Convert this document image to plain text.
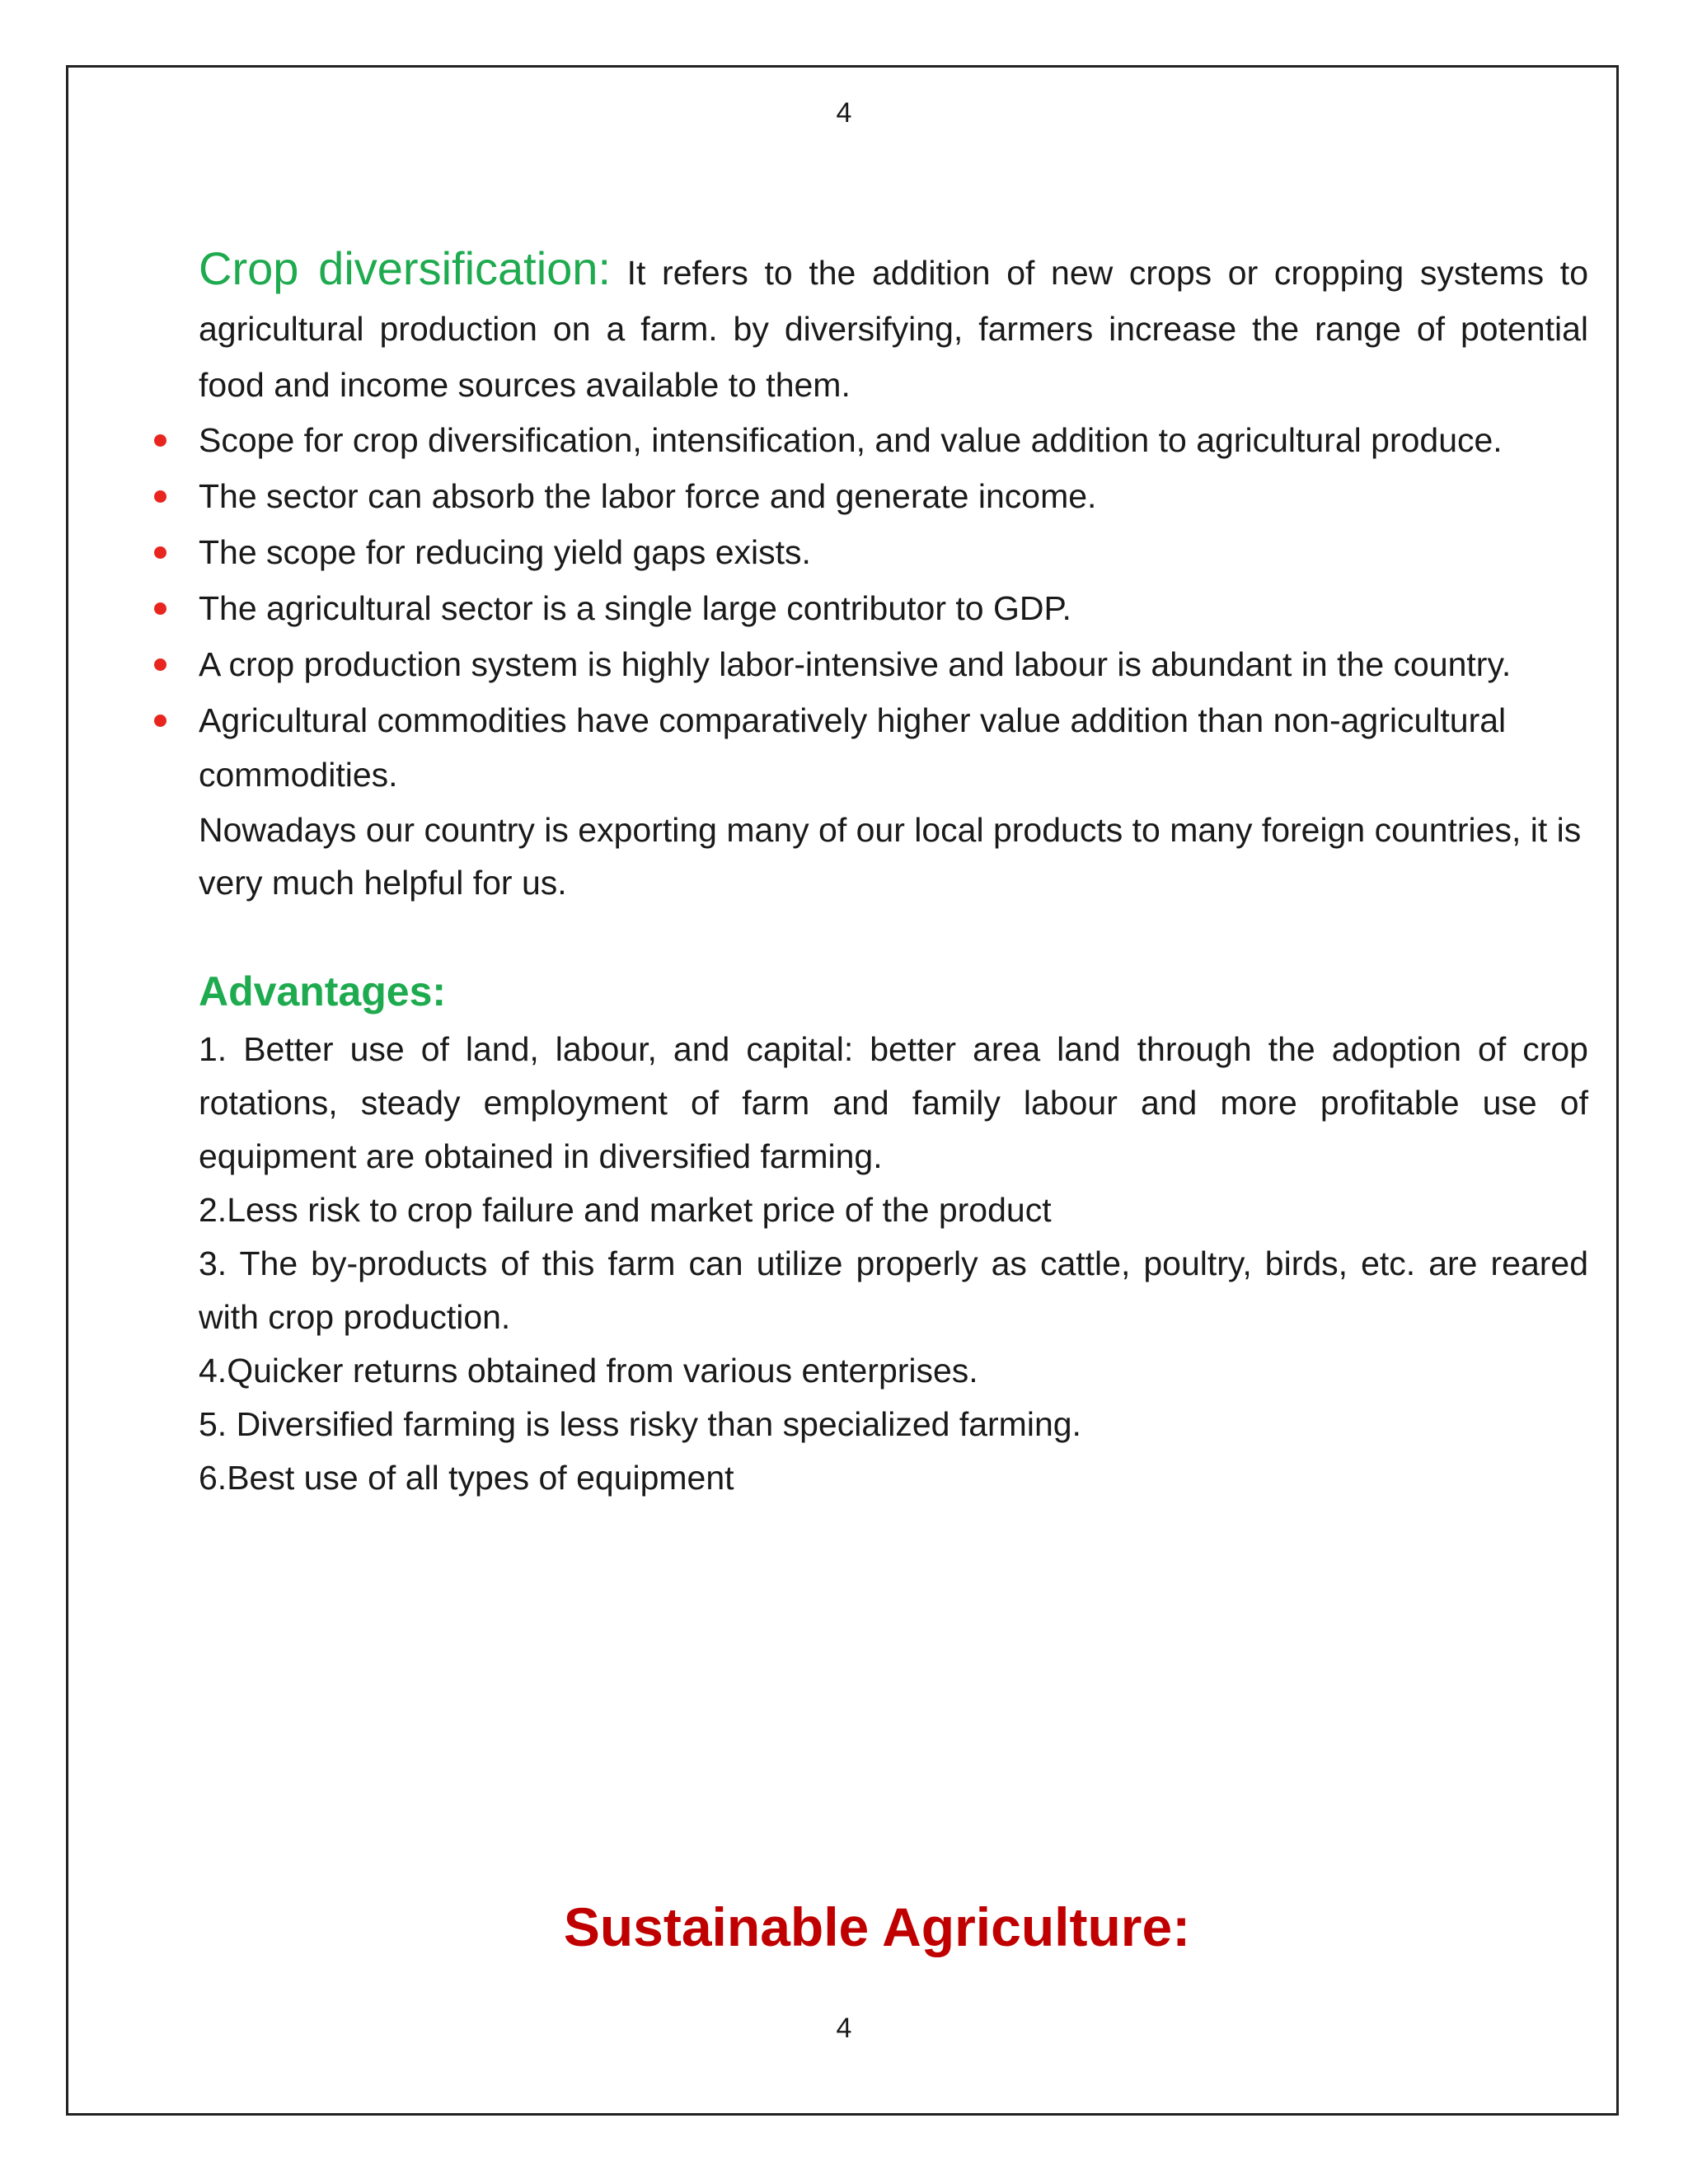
4

Crop diversification: It refers to the addition of new crops or cropping systems to agricultural production on a farm. by diversifying, farmers increase the range of potential food and income sources available to them.

Scope for crop diversification, intensification, and value addition to agricultural produce.
The sector can absorb the labor force and generate income.
The scope for reducing yield gaps exists.
The agricultural sector is a single large contributor to GDP.
A crop production system is highly labor-intensive and labour is abundant in the country.
Agricultural commodities have comparatively higher value addition than non-agricultural commodities.

Nowadays our country is exporting many of our local products to many foreign countries, it is very much helpful for us.

Advantages:
1. Better use of land, labour, and capital: better area land through the adoption of crop rotations, steady employment of farm and family labour and more profitable use of equipment are obtained in diversified farming.
2.Less risk to crop failure and market price of the product
3. The by-products of this farm can utilize properly as cattle, poultry, birds, etc. are reared with crop production.
4.Quicker returns obtained from various enterprises.
5. Diversified farming is less risky than specialized farming.
6.Best use of all types of equipment
Sustainable Agriculture:
4
